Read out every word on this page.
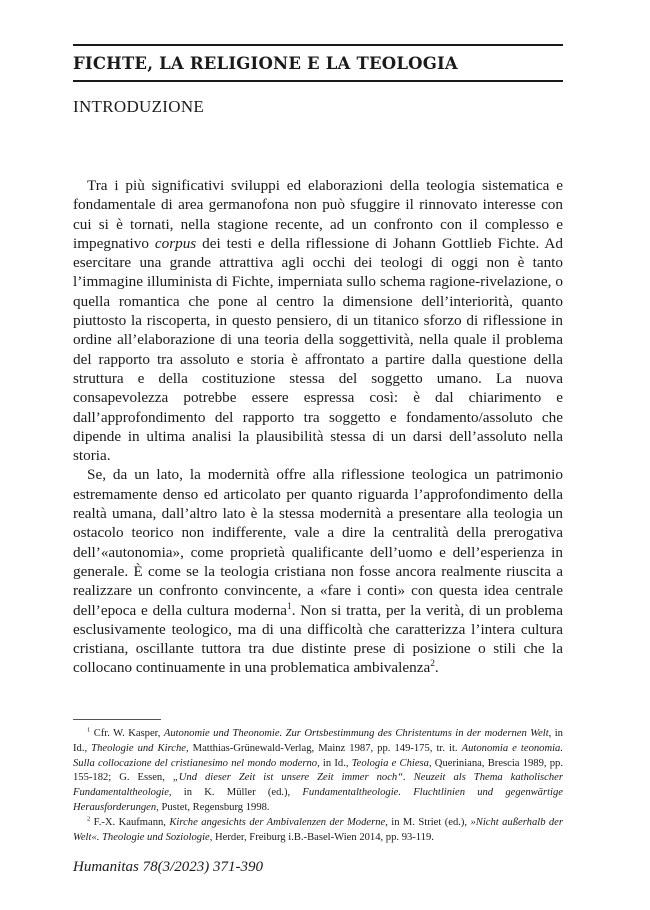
FICHTE, LA RELIGIONE E LA TEOLOGIA
INTRODUZIONE

Tra i più significativi sviluppi ed elaborazioni della teologia sistematica e fondamentale di area germanofona non può sfuggire il rinnovato interesse con cui si è tornati, nella stagione recente, ad un confronto con il complesso e impegnativo corpus dei testi e della riflessione di Johann Gottlieb Fichte. Ad esercitare una grande attrattiva agli occhi dei teologi di oggi non è tanto l’immagine illuminista di Fichte, imperniata sullo schema ragione-rivelazione, o quella romantica che pone al centro la dimensione dell’interiorità, quanto piuttosto la riscoperta, in questo pensiero, di un titanico sforzo di riflessione in ordine all’elaborazione di una teoria della soggettività, nella quale il problema del rapporto tra assoluto e storia è affrontato a partire dalla questione della struttura e della costituzione stessa del soggetto umano. La nuova consapevolezza potrebbe essere espressa così: è dal chiarimento e dall’approfondimento del rapporto tra soggetto e fondamento/assoluto che dipende in ultima analisi la plausibilità stessa di un darsi dell’assoluto nella storia.

Se, da un lato, la modernità offre alla riflessione teologica un patrimonio estremamente denso ed articolato per quanto riguarda l’approfondimento della realtà umana, dall’altro lato è la stessa modernità a presentare alla teologia un ostacolo teorico non indifferente, vale a dire la centralità della prerogativa dell’«autonomia», come proprietà qualificante dell’uomo e dell’esperienza in generale. È come se la teologia cristiana non fosse ancora realmente riuscita a realizzare un confronto convincente, a «fare i conti» con questa idea centrale dell’epoca e della cultura moderna$^1$. Non si tratta, per la verità, di un problema esclusivamente teologico, ma di una difficoltà che caratterizza l’intera cultura cristiana, oscillante tuttora tra due distinte prese di posizione o stili che la collocano continuamente in una problematica ambivalenza$^2$.

$^1$ Cfr. W. Kasper, Autonomie und Theonomie. Zur Ortsbestimmung des Christentums in der modernen Welt, in Id., Theologie und Kirche, Matthias-Grünewald-Verlag, Mainz 1987, pp. 149-175, tr. it. Autonomia e teonomia. Sulla collocazione del cristianesimo nel mondo moderno, in Id., Teologia e Chiesa, Queriniana, Brescia 1989, pp. 155-182; G. Essen, „Und dieser Zeit ist unsere Zeit immer noch“. Neuzeit als Thema katholischer Fundamentaltheologie, in K. Müller (ed.), Fundamentaltheologie. Fluchtlinien und gegenwärtige Herausforderungen, Pustet, Regensburg 1998.

$^2$ F.-X. Kaufmann, Kirche angesichts der Ambivalenzen der Moderne, in M. Striet (ed.), »Nicht außerhalb der Welt«. Theologie und Soziologie, Herder, Freiburg i.B.-Basel-Wien 2014, pp. 93-119.

Humanitas 78(3/2023) 371-390
